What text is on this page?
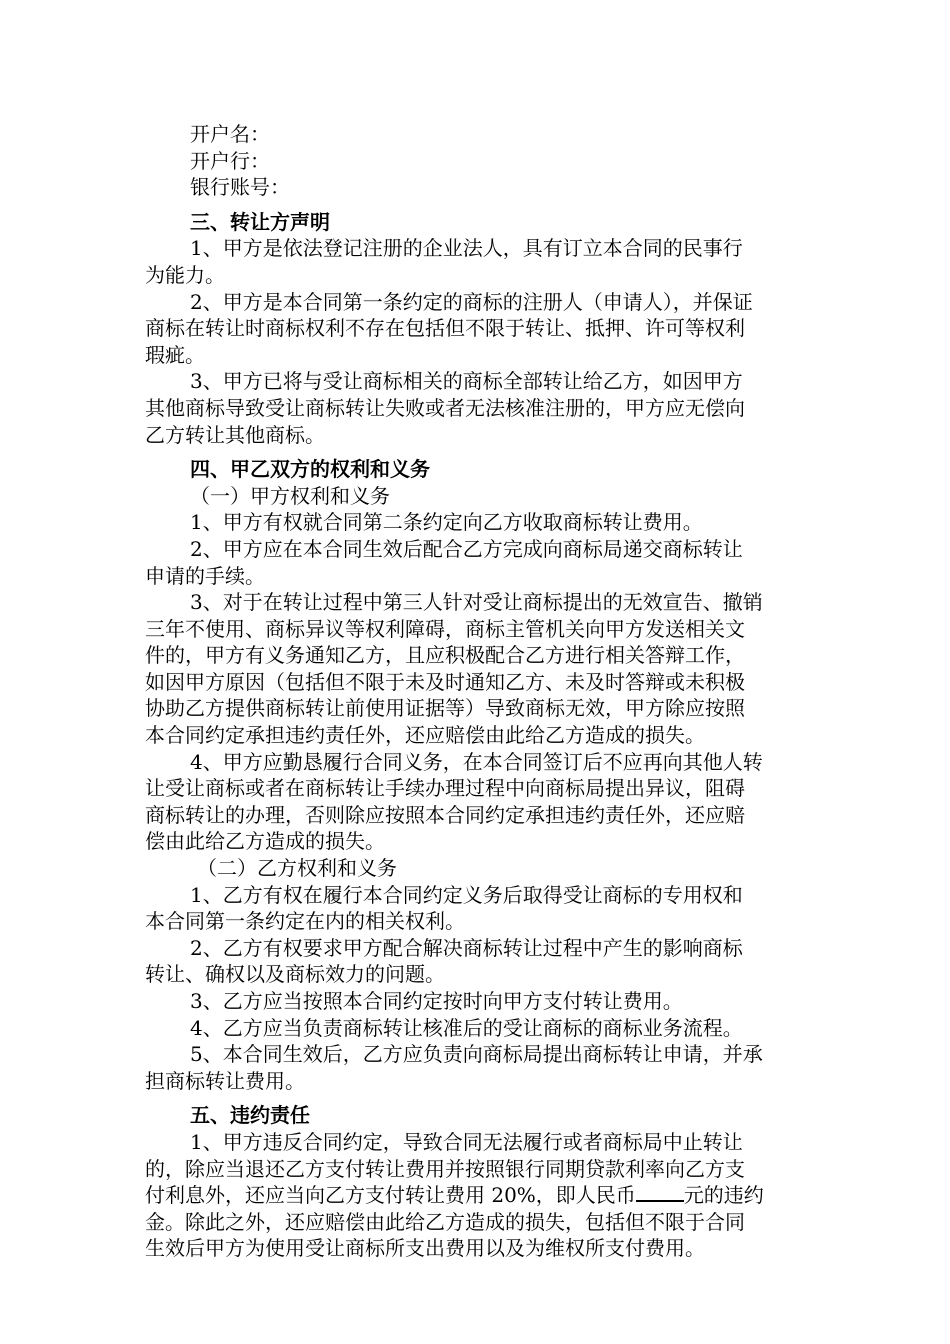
开户名：
开户行：
银行账号：
三、转让方声明
1、甲方是依法登记注册的企业法人，具有订立本合同的民事行
为能力。
2、甲方是本合同第一条约定的商标的注册人（申请人），并保证
商标在转让时商标权利不存在包括但不限于转让、抵押、许可等权利
瑕疵。
3、甲方已将与受让商标相关的商标全部转让给乙方，如因甲方
其他商标导致受让商标转让失败或者无法核准注册的，甲方应无偿向
乙方转让其他商标。
四、甲乙双方的权利和义务
（一）甲方权利和义务
1、甲方有权就合同第二条约定向乙方收取商标转让费用。
2、甲方应在本合同生效后配合乙方完成向商标局递交商标转让
申请的手续。
3、对于在转让过程中第三人针对受让商标提出的无效宣告、撤销
三年不使用、商标异议等权利障碍，商标主管机关向甲方发送相关文
件的，甲方有义务通知乙方，且应积极配合乙方进行相关答辩工作，
如因甲方原因（包括但不限于未及时通知乙方、未及时答辩或未积极
协助乙方提供商标转让前使用证据等）导致商标无效，甲方除应按照
本合同约定承担违约责任外，还应赔偿由此给乙方造成的损失。
4、甲方应勤恳履行合同义务，在本合同签订后不应再向其他人转
让受让商标或者在商标转让手续办理过程中向商标局提出异议，阻碍
商标转让的办理，否则除应按照本合同约定承担违约责任外，还应赔
偿由此给乙方造成的损失。
（二）乙方权利和义务
1、乙方有权在履行本合同约定义务后取得受让商标的专用权和
本合同第一条约定在内的相关权利。
2、乙方有权要求甲方配合解决商标转让过程中产生的影响商标
转让、确权以及商标效力的问题。
3、乙方应当按照本合同约定按时向甲方支付转让费用。
4、乙方应当负责商标转让核准后的受让商标的商标业务流程。
5、本合同生效后，乙方应负责向商标局提出商标转让申请，并承
担商标转让费用。
五、违约责任
1、甲方违反合同约定，导致合同无法履行或者商标局中止转让
的，除应当退还乙方支付转让费用并按照银行同期贷款利率向乙方支
付利息外，还应当向乙方支付转让费用 20%，即人民币 元的违约
金。除此之外，还应赔偿由此给乙方造成的损失，包括但不限于合同
生效后甲方为使用受让商标所支出费用以及为维权所支付费用。
